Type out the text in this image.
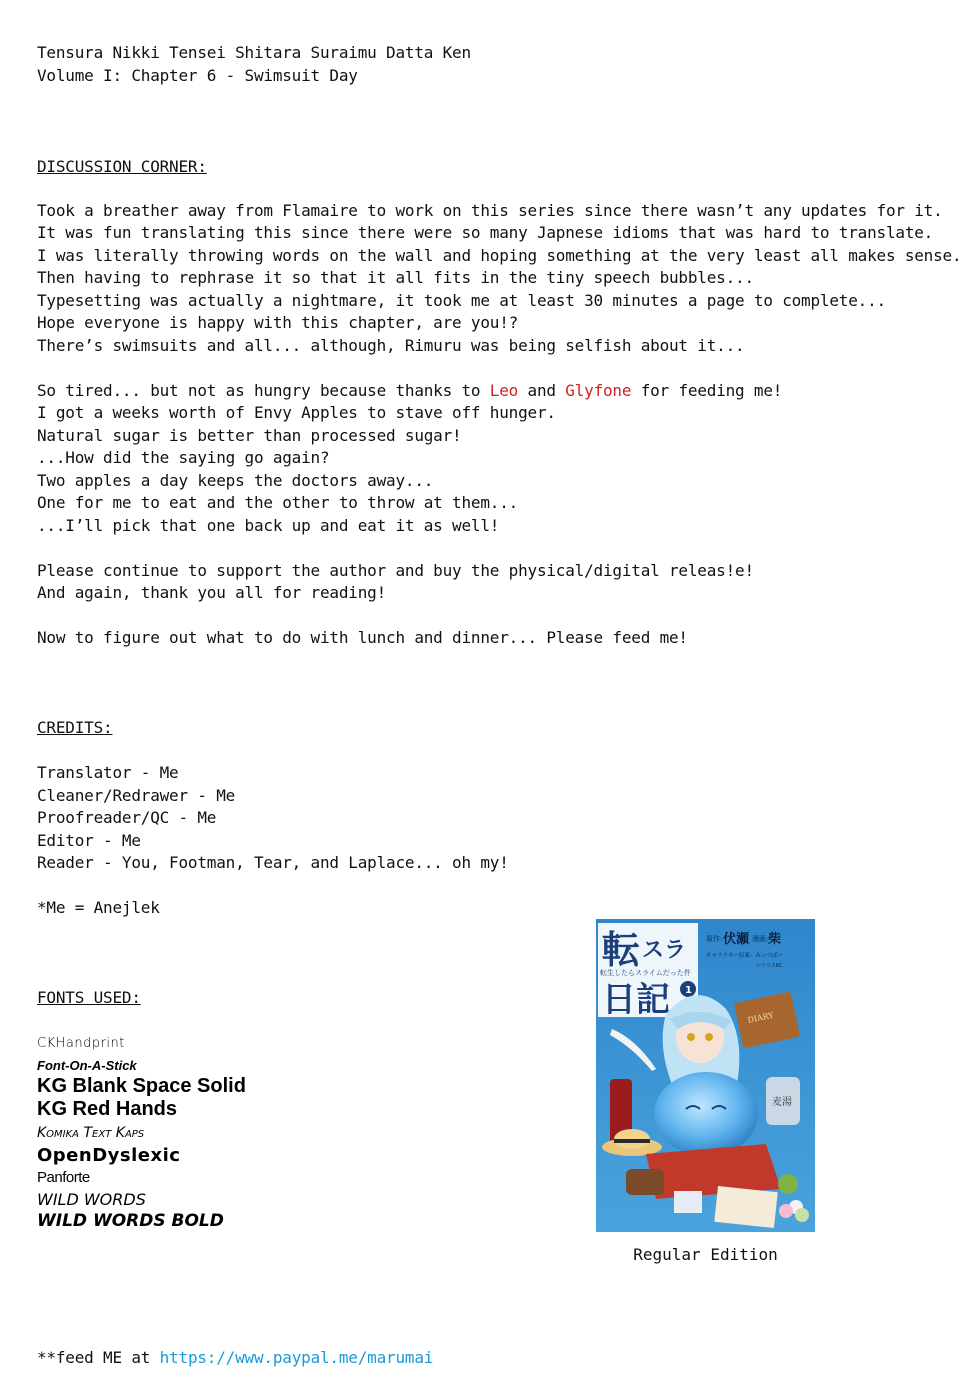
Tensura Nikki Tensei Shitara Suraimu Datta Ken
Volume I: Chapter 6 - Swimsuit Day
DISCUSSION CORNER:
Took a breather away from Flamaire to work on this series since there wasn’t any updates for it.
It was fun translating this since there were so many Japnese idioms that was hard to translate.
I was literally throwing words on the wall and hoping something at the very least all makes sense.
Then having to rephrase it so that it all fits in the tiny speech bubbles...
Typesetting was actually a nightmare, it took me at least 30 minutes a page to complete...
Hope everyone is happy with this chapter, are you!?
There’s swimsuits and all... although, Rimuru was being selfish about it...
So tired... but not as hungry because thanks to Leo and Glyfone for feeding me!
I got a weeks worth of Envy Apples to stave off hunger.
Natural sugar is better than processed sugar!
...How did the saying go again?
Two apples a day keeps the doctors away...
One for me to eat and the other to throw at them...
...I’ll pick that one back up and eat it as well!
Please continue to support the author and buy the physical/digital releas!e!
And again, thank you all for reading!
Now to figure out what to do with lunch and dinner... Please feed me!
CREDITS:
Translator - Me
Cleaner/Redrawer - Me
Proofreader/QC - Me
Editor - Me
Reader - You, Footman, Tear, and Laplace... oh my!
*Me = Anejlek
FONTS USED:
CKHandprint
Font-On-A-Stick
KG Blank Space Solid
KG Red Hands
Komika Text Kaps
OpenDyslexic
Panforte
WILD WORDS
WILD WORDS BOLD
転 スラ
転生したらスライムだった件
日記 1
原作: 伏瀬 漫画: 柴
キャラクター原案：みっつばー
シリウスKC
DIARY
麦湯
Regular Edition
**feed ME at https://www.paypal.me/marumai
